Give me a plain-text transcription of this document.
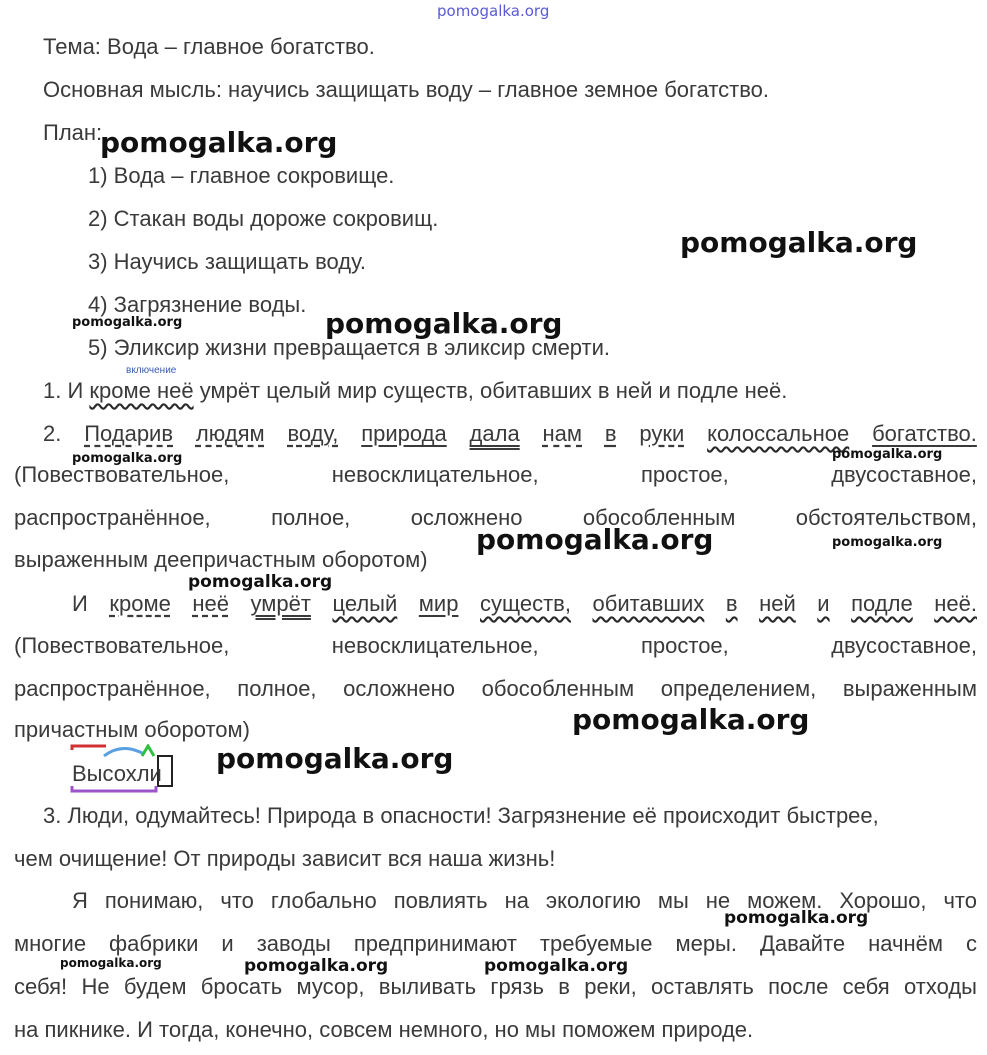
pomogalka.org

Тема: Вода – главное богатство.

Основная мысль: научись защищать воду – главное земное богатство.

План:

1) Вода – главное сокровище.

2) Стакан воды дороже сокровищ.

3) Научись защищать воду.

4) Загрязнение воды.

5) Эликсир жизни превращается в эликсир смерти.

включение

1. И кроме неё умрёт целый мир существ, обитавших в ней и подле неё.

2. Подарив людям воду, природа дала нам в руки колоссальное богатство.
(Повествовательное,	невосклицательное,	простое,	двусоставное,
распространённое,	полное,	осложнено	обособленным	обстоятельством,

выраженным деепричастным оборотом)

И кроме неё умрёт целый мир существ, обитавших в ней и подле неё.
(Повествовательное,	невосклицательное,	простое,	двусоставное,

распространённое, полное, осложнено обособленным определением, выраженным

причастным оборотом)

Высохли

3. Люди, одумайтесь! Природа в опасности! Загрязнение её происходит быстрее,

чем очищение! От природы зависит вся наша жизнь!

Я понимаю, что глобально повлиять на экологию мы не можем. Хорошо, что

многие фабрики и заводы предпринимают требуемые меры. Давайте начнём с

себя! Не будем бросать мусор, выливать грязь в реки, оставлять после себя отходы

на пикнике. И тогда, конечно, совсем немного, но мы поможем природе.

pomogalka.org
pomogalka.org
pomogalka.org
pomogalka.org
pomogalka.org
pomogalka.org
pomogalka.org
pomogalka.org
pomogalka.org
pomogalka.org
pomogalka.org
pomogalka.org
pomogalka.org	pomogalka.org	pomogalka.org
